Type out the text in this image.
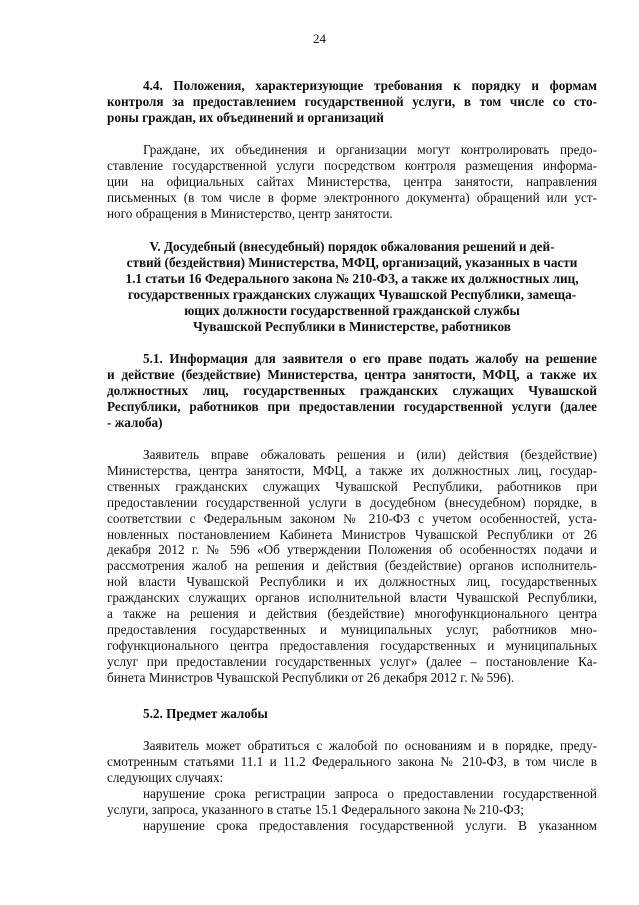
24
4.4. Положения, характеризующие требования к порядку и формам
контроля за предоставлением государственной услуги, в том числе со сто-
роны граждан, их объединений и организаций
Граждане, их объединения и организации могут контролировать предо-
ставление государственной услуги посредством контроля размещения информа-
ции на официальных сайтах Министерства, центра занятости, направления
письменных (в том числе в форме электронного документа) обращений или уст-
ного обращения в Министерство, центр занятости.
V. Досудебный (внесудебный) порядок обжалования решений и дей-
ствий (бездействия) Министерства, МФЦ, организаций, указанных в части
1.1 статьи 16 Федерального закона № 210-ФЗ, а также их должностных лиц,
государственных гражданских служащих Чувашской Республики, замеща-
ющих должности государственной гражданской службы
Чувашской Республики в Министерстве, работников
5.1. Информация для заявителя о его праве подать жалобу на решение
и действие (бездействие) Министерства, центра занятости, МФЦ, а также их
должностных лиц, государственных гражданских служащих Чувашской
Республики, работников при предоставлении государственной услуги (далее
- жалоба)
Заявитель вправе обжаловать решения и (или) действия (бездействие)
Министерства, центра занятости, МФЦ, а также их должностных лиц, государ-
ственных гражданских служащих Чувашской Республики, работников при
предоставлении государственной услуги в досудебном (внесудебном) порядке, в
соответствии с Федеральным законом № 210-ФЗ с учетом особенностей, уста-
новленных постановлением Кабинета Министров Чувашской Республики от 26
декабря 2012 г. № 596 «Об утверждении Положения об особенностях подачи и
рассмотрения жалоб на решения и действия (бездействие) органов исполнитель-
ной власти Чувашской Республики и их должностных лиц, государственных
гражданских служащих органов исполнительной власти Чувашской Республики,
а также на решения и действия (бездействие) многофункционального центра
предоставления государственных и муниципальных услуг, работников мно-
гофункционального центра предоставления государственных и муниципальных
услуг при предоставлении государственных услуг» (далее – постановление Ка-
бинета Министров Чувашской Республики от 26 декабря 2012 г. № 596).
5.2. Предмет жалобы
Заявитель может обратиться с жалобой по основаниям и в порядке, преду-
смотренным статьями 11.1 и 11.2 Федерального закона № 210-ФЗ, в том числе в
следующих случаях:
нарушение срока регистрации запроса о предоставлении государственной
услуги, запроса, указанного в статье 15.1 Федерального закона № 210-ФЗ;
нарушение срока предоставления государственной услуги. В указанном
